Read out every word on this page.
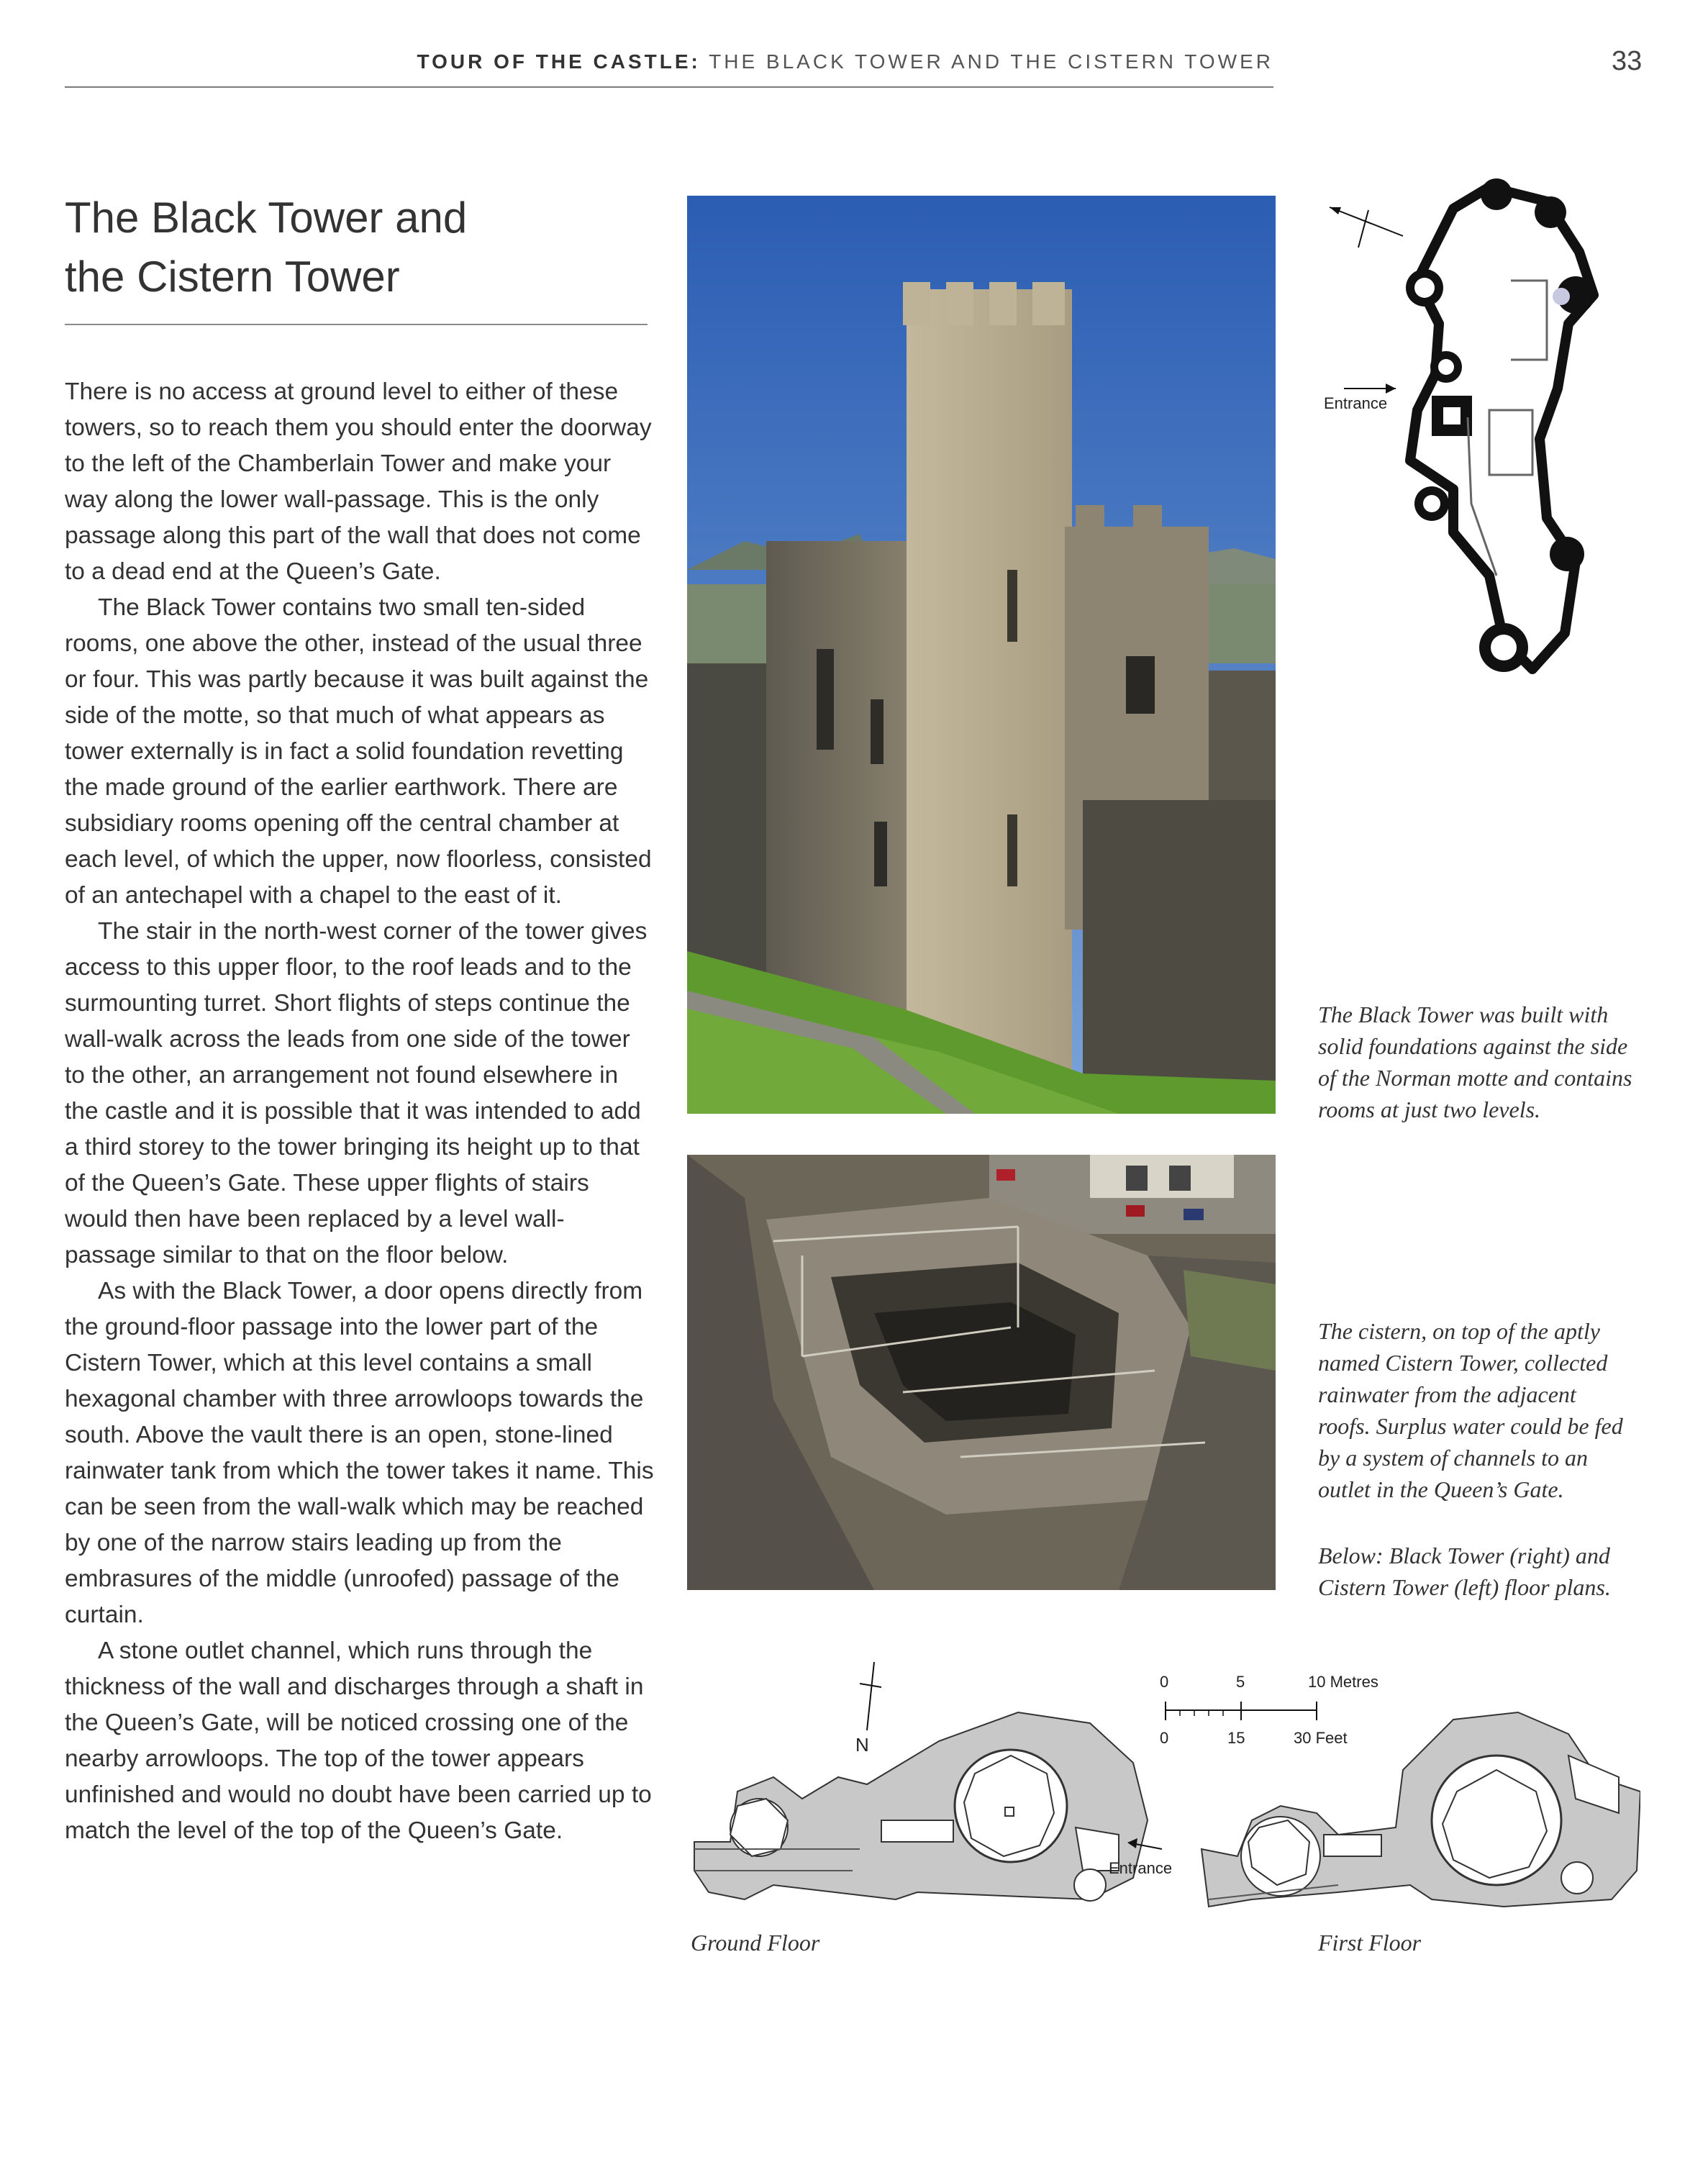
TOUR OF THE CASTLE: THE BLACK TOWER AND THE CISTERN TOWER	33
The Black Tower and
the Cistern Tower

There is no access at ground level to either of these towers, so to reach them you should enter the doorway to the left of the Chamberlain Tower and make your way along the lower wall-passage. This is the only passage along this part of the wall that does not come to a dead end at the Queen’s Gate.

The Black Tower contains two small ten-sided rooms, one above the other, instead of the usual three or four. This was partly because it was built against the side of the motte, so that much of what appears as tower externally is in fact a solid foundation revetting the made ground of the earlier earthwork. There are subsidiary rooms opening off the central chamber at each level, of which the upper, now floorless, consisted of an antechapel with a chapel to the east of it.

The stair in the north-west corner of the tower gives access to this upper floor, to the roof leads and to the surmounting turret. Short flights of steps continue the wall-walk across the leads from one side of the tower to the other, an arrangement not found elsewhere in the castle and it is possible that it was intended to add a third storey to the tower bringing its height up to that of the Queen’s Gate. These upper flights of stairs would then have been replaced by a level wall-passage similar to that on the floor below.

As with the Black Tower, a door opens directly from the ground-floor passage into the lower part of the Cistern Tower, which at this level contains a small hexagonal chamber with three arrowloops towards the south. Above the vault there is an open, stone-lined rainwater tank from which the tower takes it name. This can be seen from the wall-walk which may be reached by one of the narrow stairs leading up from the embrasures of the middle (unroofed) passage of the curtain.

A stone outlet channel, which runs through the thickness of the wall and discharges through a shaft in the Queen’s Gate, will be noticed crossing one of the nearby arrowloops. The top of the tower appears unfinished and would no doubt have been carried up to match the level of the top of the Queen’s Gate.

Entrance
The Black Tower was built with solid foundations against the side of the Norman motte and contains rooms at just two levels.
The cistern, on top of the aptly named Cistern Tower, collected rainwater from the adjacent roofs. Surplus water could be fed by a system of channels to an outlet in the Queen’s Gate.
Below: Black Tower (right) and Cistern Tower (left) floor plans.
N
Entrance
0	5	10 Metres
0	15	30 Feet
Ground Floor	First Floor
